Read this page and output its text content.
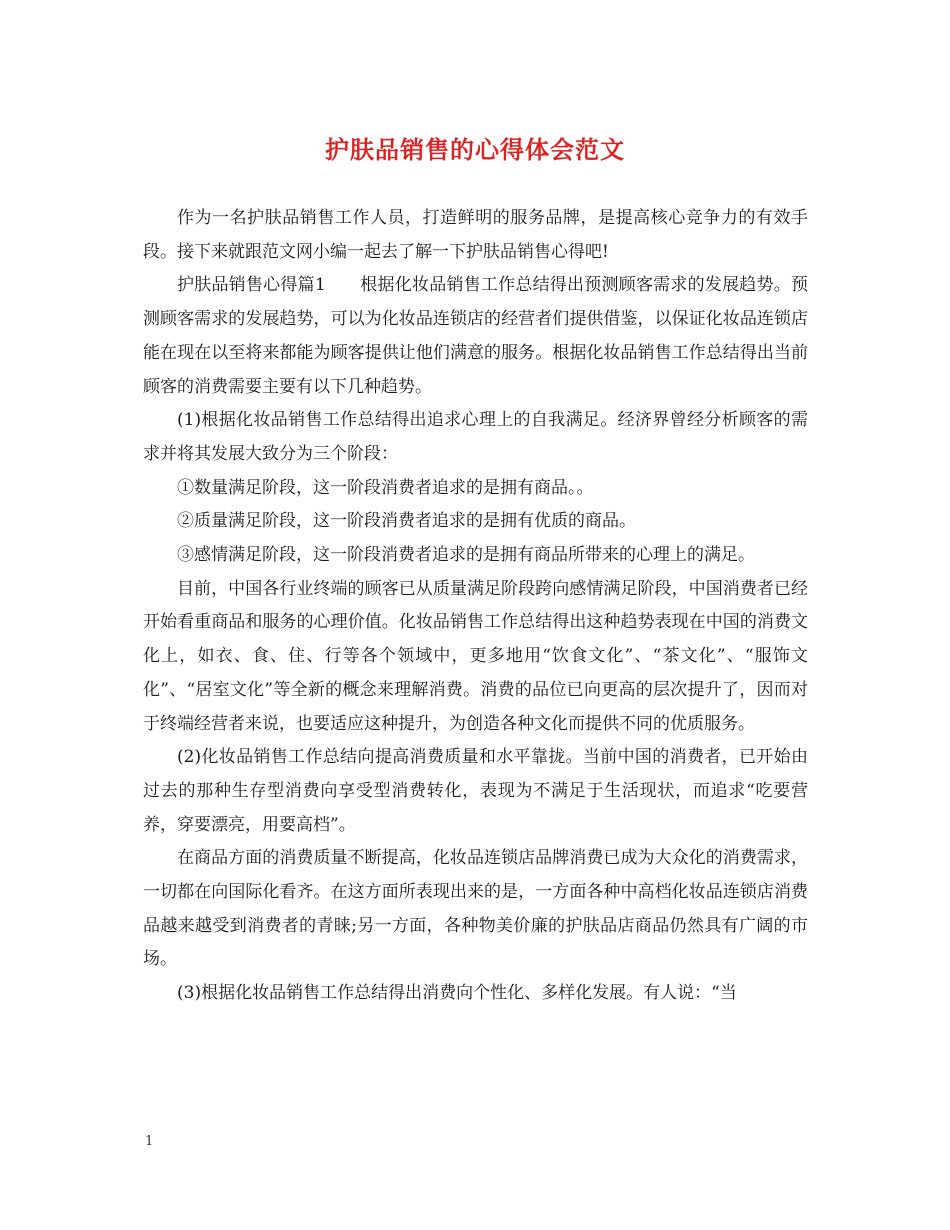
护肤品销售的心得体会范文

作为一名护肤品销售工作人员，打造鲜明的服务品牌，是提高核心竞争力的有效手段。接下来就跟范文网小编一起去了解一下护肤品销售心得吧!

护肤品销售心得篇1　　根据化妆品销售工作总结得出预测顾客需求的发展趋势。预测顾客需求的发展趋势，可以为化妆品连锁店的经营者们提供借鉴，以保证化妆品连锁店能在现在以至将来都能为顾客提供让他们满意的服务。根据化妆品销售工作总结得出当前顾客的消费需要主要有以下几种趋势。

(1)根据化妆品销售工作总结得出追求心理上的自我满足。经济界曾经分析顾客的需求并将其发展大致分为三个阶段：

①数量满足阶段，这一阶段消费者追求的是拥有商品。。

②质量满足阶段，这一阶段消费者追求的是拥有优质的商品。

③感情满足阶段，这一阶段消费者追求的是拥有商品所带来的心理上的满足。

目前，中国各行业终端的顾客已从质量满足阶段跨向感情满足阶段，中国消费者已经开始看重商品和服务的心理价值。化妆品销售工作总结得出这种趋势表现在中国的消费文化上，如衣、食、住、行等各个领域中，更多地用“饮食文化”、“茶文化”、“服饰文化”、“居室文化”等全新的概念来理解消费。消费的品位已向更高的层次提升了，因而对于终端经营者来说，也要适应这种提升，为创造各种文化而提供不同的优质服务。

(2)化妆品销售工作总结向提高消费质量和水平靠拢。当前中国的消费者，已开始由过去的那种生存型消费向享受型消费转化，表现为不满足于生活现状，而追求“吃要营养，穿要漂亮，用要高档”。

在商品方面的消费质量不断提高，化妆品连锁店品牌消费已成为大众化的消费需求，一切都在向国际化看齐。在这方面所表现出来的是，一方面各种中高档化妆品连锁店消费品越来越受到消费者的青睐;另一方面，各种物美价廉的护肤品店商品仍然具有广阔的市场。

(3)根据化妆品销售工作总结得出消费向个性化、多样化发展。有人说：“当

1
